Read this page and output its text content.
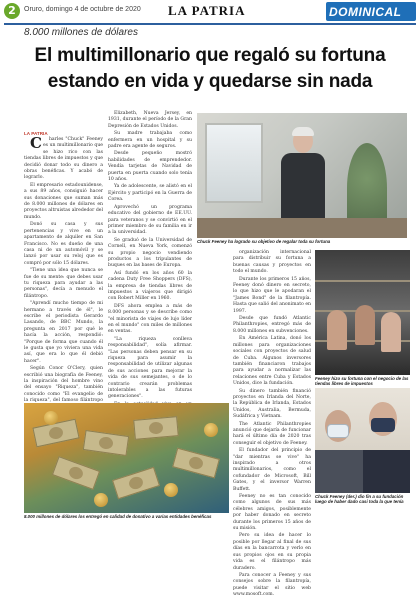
2	Oruro, domingo 4 de octubre de 2020 LA PATRIA	DOMINICAL
8.000 millones de dólares
El multimillonario que regaló su fortuna estando en vida y quedarse sin nada

LA PATRIA

C harles "Chuck" Feeney es un multimillonario que se hizo rico con las tiendas libres de impuestos y que decidió donar todo su dinero a obras benéficas. Y acabó de lograrlo.

El empresario estadounidense, a sus 89 años, consiguió hacer sus donaciones que suman más de 8.000 millones de dólares en proyectos altruistas alrededor del mundo.

Donó su casa y sus pertenencias y vive en un apartamento de alquiler en San Francisco. No es dueño de una casa ni de un automóvil y se lanzó por usar su reloj que es compró por sólo 15 dólares.

"Tiene una idea que nunca se fue de su mente: que debes usar tu riqueza para ayudar a las personas", decía a menudo el filántropo.

"Aprendí mucho tiempo de mi hermano a través de él", le escribe el periodista Gerardo Lasando, de BBC Mundo, la pregunta en 2017 por qué le hacía la acción, respondió: "Porque de forma que cuando él le gusta que yo viviera una vida así, que era lo que él debió hacer".

Según Conor O'Clery, quien escribió una biografía de Feeney, la inspiración del hombre vino del ensayo "Riqueza", también conocido como "El evangelio de la riqueza", del famoso filántropo

Elizabeth, Nueva Jersey, en 1931, durante el período de la Gran Depresión de Estados Unidos.

Su madre trabajaba como enfermera en un hospital y su padre era agente de seguros.

Desde pequeño mostró habilidades de emprendedor. Vendía tarjetas de Navidad de puerta en puerta cuando solo tenía 10 años.

Ya de adolescente, se alistó en el Ejército y participó en la Guerra de Corea.

Aprovechó un programa educativo del gobierno de EE.UU. para veteranos y se convirtió en el primer miembro de su familia en ir a la universidad.

Se graduó de la Universidad de Cornell, en Nueva York, comenzó su propio negocio vendiendo productos a los tripulantes de buques en las bases de Europa.

Así fundó en los años 60 la cadena Duty Free Shoppers (DFS), la empresa de tiendas libres de impuestos a viajeros que dirigió con Robert Miller en 1960.

DFS ahora emplea a más de 8.000 personas y se describe como "el minorista de viajes de lujo líder en el mundo" con miles de millones en ventas.

"La riqueza conlleva responsabilidad", solía afirmar. "Las personas deben pensar en su riqueza para asumir la responsabilidad de utilizar algunas de sus acciones para mejorar la vida de sus semejantes, o de lo contrario crearán problemas intolerables a las futuras generaciones".

Chuck Feeney ha logrado su objetivo de regalar toda su fortuna

organización internacional para distribuir su fortuna a buenas causas y proyectos en todo el mundo.

Durante los primeros 15 años, Feeney donó dinero en secreto, lo que hizo que le apodaran el "James Bond" de la filantropía. Hasta que salió del anonimato en 1997.

Desde que fundó Atlantic Philanthropies, entregó más de 8.000 millones en subvenciones.

En América Latina, donó los millones para organizaciones sociales con proyectos de salud de Cuba. Algunos inversores también financiaron trabajos para ayudar a normalizar las relaciones entre Cuba y Estados Unidos, dice la fundación.

Su dinero también financió proyectos en Irlanda del Norte, la República de Irlanda, Estados Unidos, Australia, Bermuda, Sudáfrica y Vietnam.

The Atlantic Philanthropies anunció que dejaría de funcionar hará el último día de 2020 tras conseguir el objetivo de Feeney.

El fundador del principio de "dar mientras se vive" ha inspirado a otros multimillonarios, como el cofundador de Microsoft, Bill Gates, y el inversor Warren Buffett.

Feeney no es tan conocido como algunos de sus más célebres amigos, posiblemente por haber donado en secreto durante los primeros 15 años de su misión.

Pero su idea de hacer lo posible por llegar al final de sus días en la bancarrota y verlo en sus propios ojos en su propia vida es el filántropo más duradero.

Para conocer a Feeney y sus consejos sobre la filantropía, puede visitar el sitio web www.mosoft.com.

Feeney hizo su fortuna con el negocio de las tiendas libres de impuestos
Chuck Feeney (der.) dio fin a su fundación luego de haber dado casi toda la que tenía
8.000 millones de dólares los entregó en calidad de donativo a varias entidades benéficas
